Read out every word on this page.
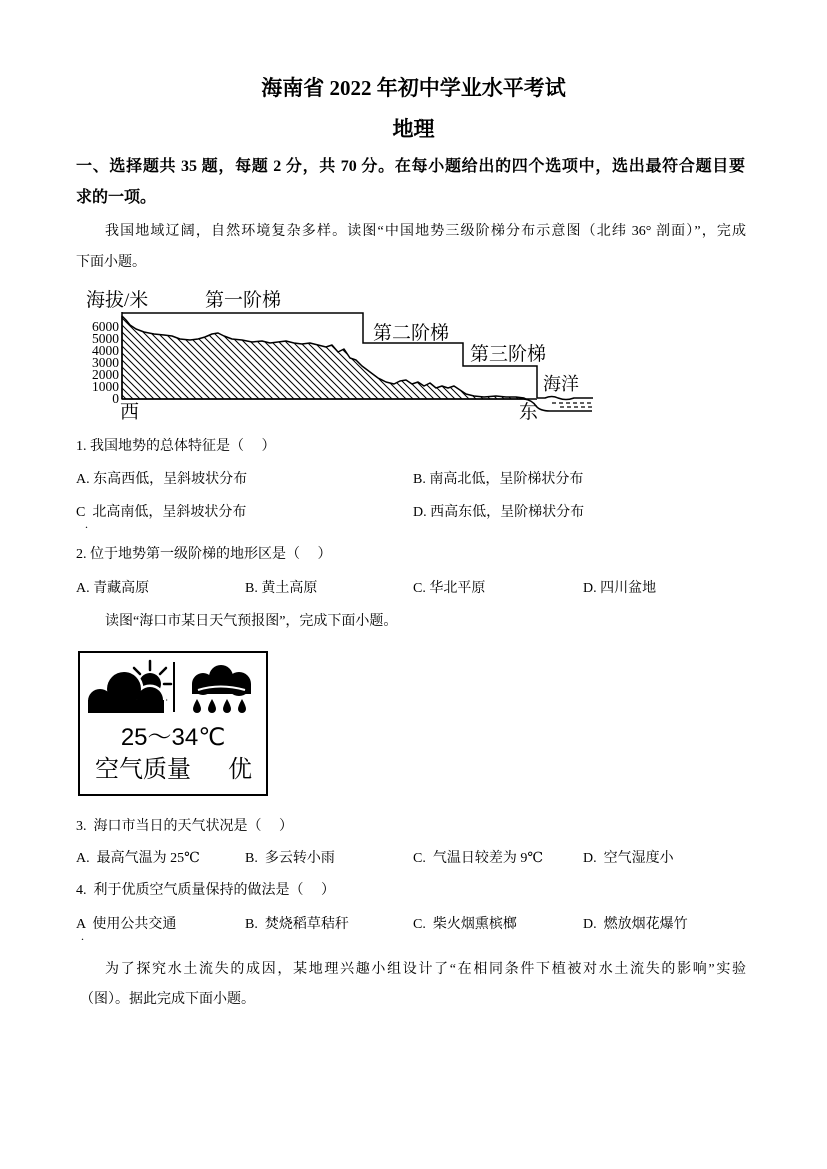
海南省 2022 年初中学业水平考试
地理
一、选择题共 35 题，每题 2 分，共 70 分。在每小题给出的四个选项中，选出最符合题目要
求的一项。
我国地域辽阔，自然环境复杂多样。读图“中国地势三级阶梯分布示意图（北纬 36° 剖面）”，完成
下面小题。
海拔/米
6000
5000
4000
3000
2000
1000
0
第一阶梯
第二阶梯
第三阶梯
海洋
西	东
1. 我国地势的总体特征是（     ）
A. 东高西低，呈斜坡状分布	B. 南高北低，呈阶梯状分布
C  北高南低，呈斜坡状分布	D. 西高东低，呈阶梯状分布
.
2. 位于地势第一级阶梯的地形区是（     ）
A. 青藏高原	B. 黄土高原	C. 华北平原	D. 四川盆地
读图“海口市某日天气预报图”，完成下面小题。
25～34℃
空气质量 优
3.  海口市当日的天气状况是（     ）
A.  最高气温为 25℃	B.  多云转小雨	C.  气温日较差为 9℃	D.  空气湿度小
4.  利于优质空气质量保持的做法是（     ）
A  使用公共交通	B.  焚烧稻草秸秆	C.  柴火烟熏槟榔	D.  燃放烟花爆竹
.
为了探究水土流失的成因，某地理兴趣小组设计了“在相同条件下植被对水土流失的影响”实验
（图）。据此完成下面小题。
